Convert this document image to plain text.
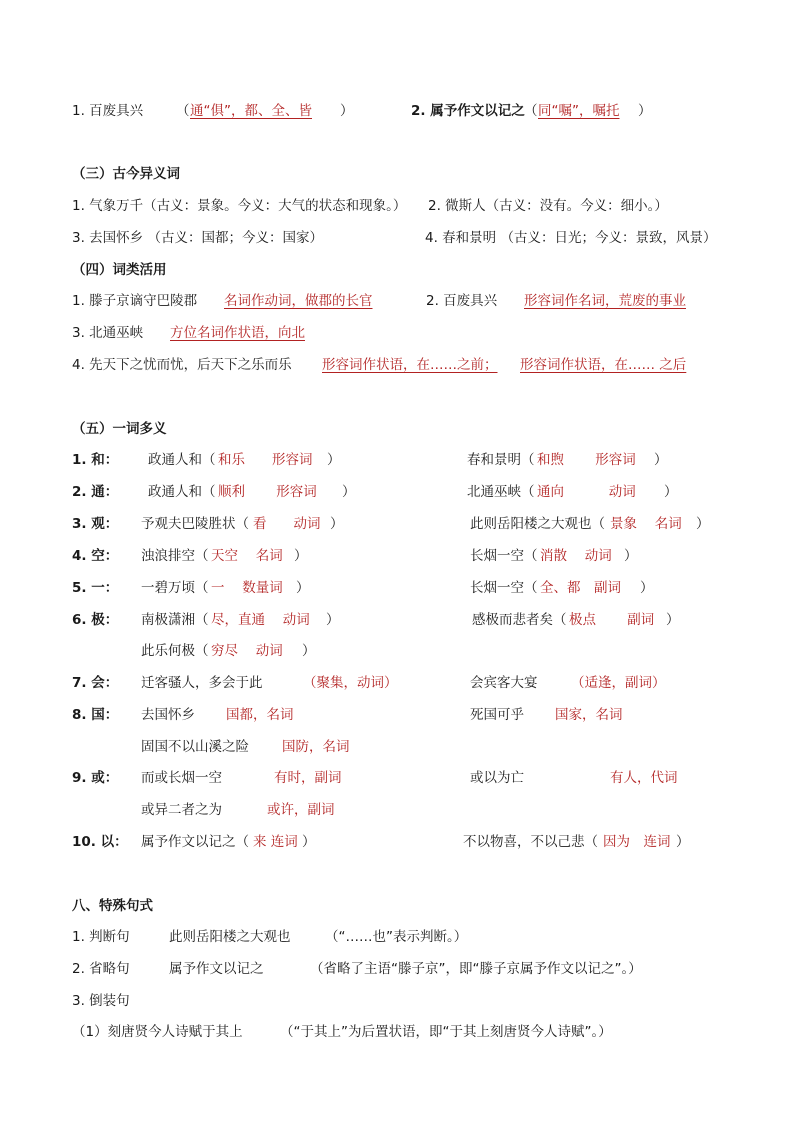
1. 百废具兴 （ 通“俱”，都、全、皆 ）	2. 属予作文以记之 （ 同“嘱”，嘱托 ）
（三）古今异义词
1. 气象万千（古义：景象。今义：大气的状态和现象。） 2. 微斯人（古义：没有。今义：细小。）
3. 去国怀乡 （古义：国都；今义：国家）	4. 春和景明 （古义：日光；今义：景致，风景）
（四）词类活用
1. 滕子京谪守巴陵郡 名词作动词，做郡的长官	2. 百废具兴 形容词作名词，荒废的事业
3. 北通巫峡 方位名词作状语，向北
4. 先天下之忧而忧，后天下之乐而乐 形容词作状语，在……之前； 形容词作状语，在…… 之后
（五）一词多义
1. 和： 政通人和（ 和乐　　形容词 ）	春和景明（ 和煦　　 形容词 ）
2. 通： 政通人和（ 顺利　　 形容词 ）	北通巫峡（ 通向　　　 动词 ）
3. 观： 予观夫巴陵胜状（ 看　　动词 ）	此则岳阳楼之大观也（ 景象　 名词 ）
4. 空： 浊浪排空（ 天空　 名词 ）	长烟一空（ 消散　 动词 ）
5. 一： 一碧万顷（ 一　 数量词 ）	长烟一空（ 全、都　副词 ）
6. 极： 南极潇湘（ 尽，直通　 动词 ）	感极而悲者矣（ 极点　　 副词 ）
此乐何极（ 穷尽　 动词 ）
7. 会： 迁客骚人，多会于此	（聚集，动词）	会宾客大宴 （适逢，副词）
8. 国： 去国怀乡 国都，名词	死国可乎 国家，名词
固国不以山溪之险 国防，名词
9. 或： 而或长烟一空	有时，副词	或以为亡	有人，代词
或异二者之为	或许，副词
10. 以： 属予作文以记之（ 来 连词 ）	不以物喜，不以己悲（ 因为　连词 ）
八、特殊句式
1. 判断句	此则岳阳楼之大观也	（“……也”表示判断。）
2. 省略句	属予作文以记之	（省略了主语“滕子京”，即“滕子京属予作文以记之”。）
3. 倒装句
（1）刻唐贤今人诗赋于其上	（“于其上”为后置状语，即“于其上刻唐贤今人诗赋”。）
